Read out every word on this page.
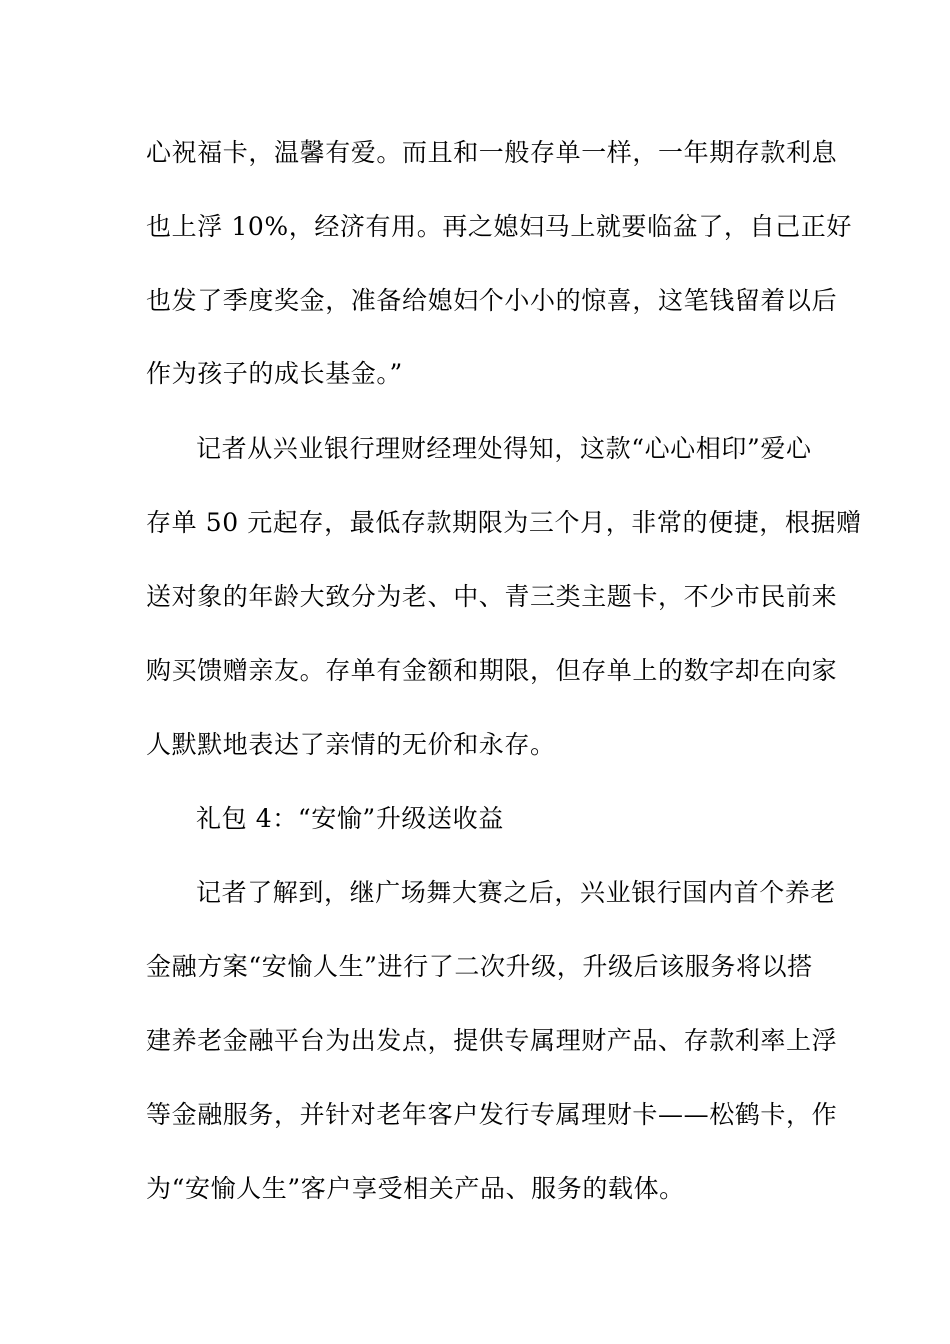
心祝福卡，温馨有爱。而且和一般存单一样，一年期存款利息

也上浮 10%，经济有用。再之媳妇马上就要临盆了，自己正好

也发了季度奖金，准备给媳妇个小小的惊喜，这笔钱留着以后

作为孩子的成长基金。”

记者从兴业银行理财经理处得知，这款“心心相印”爱心

存单 50 元起存，最低存款期限为三个月，非常的便捷，根据赠

送对象的年龄大致分为老、中、青三类主题卡，不少市民前来

购买馈赠亲友。存单有金额和期限，但存单上的数字却在向家

人默默地表达了亲情的无价和永存。

礼包 4：“安愉”升级送收益

记者了解到，继广场舞大赛之后，兴业银行国内首个养老

金融方案“安愉人生”进行了二次升级，升级后该服务将以搭

建养老金融平台为出发点，提供专属理财产品、存款利率上浮

等金融服务，并针对老年客户发行专属理财卡——松鹤卡，作

为“安愉人生”客户享受相关产品、服务的载体。
